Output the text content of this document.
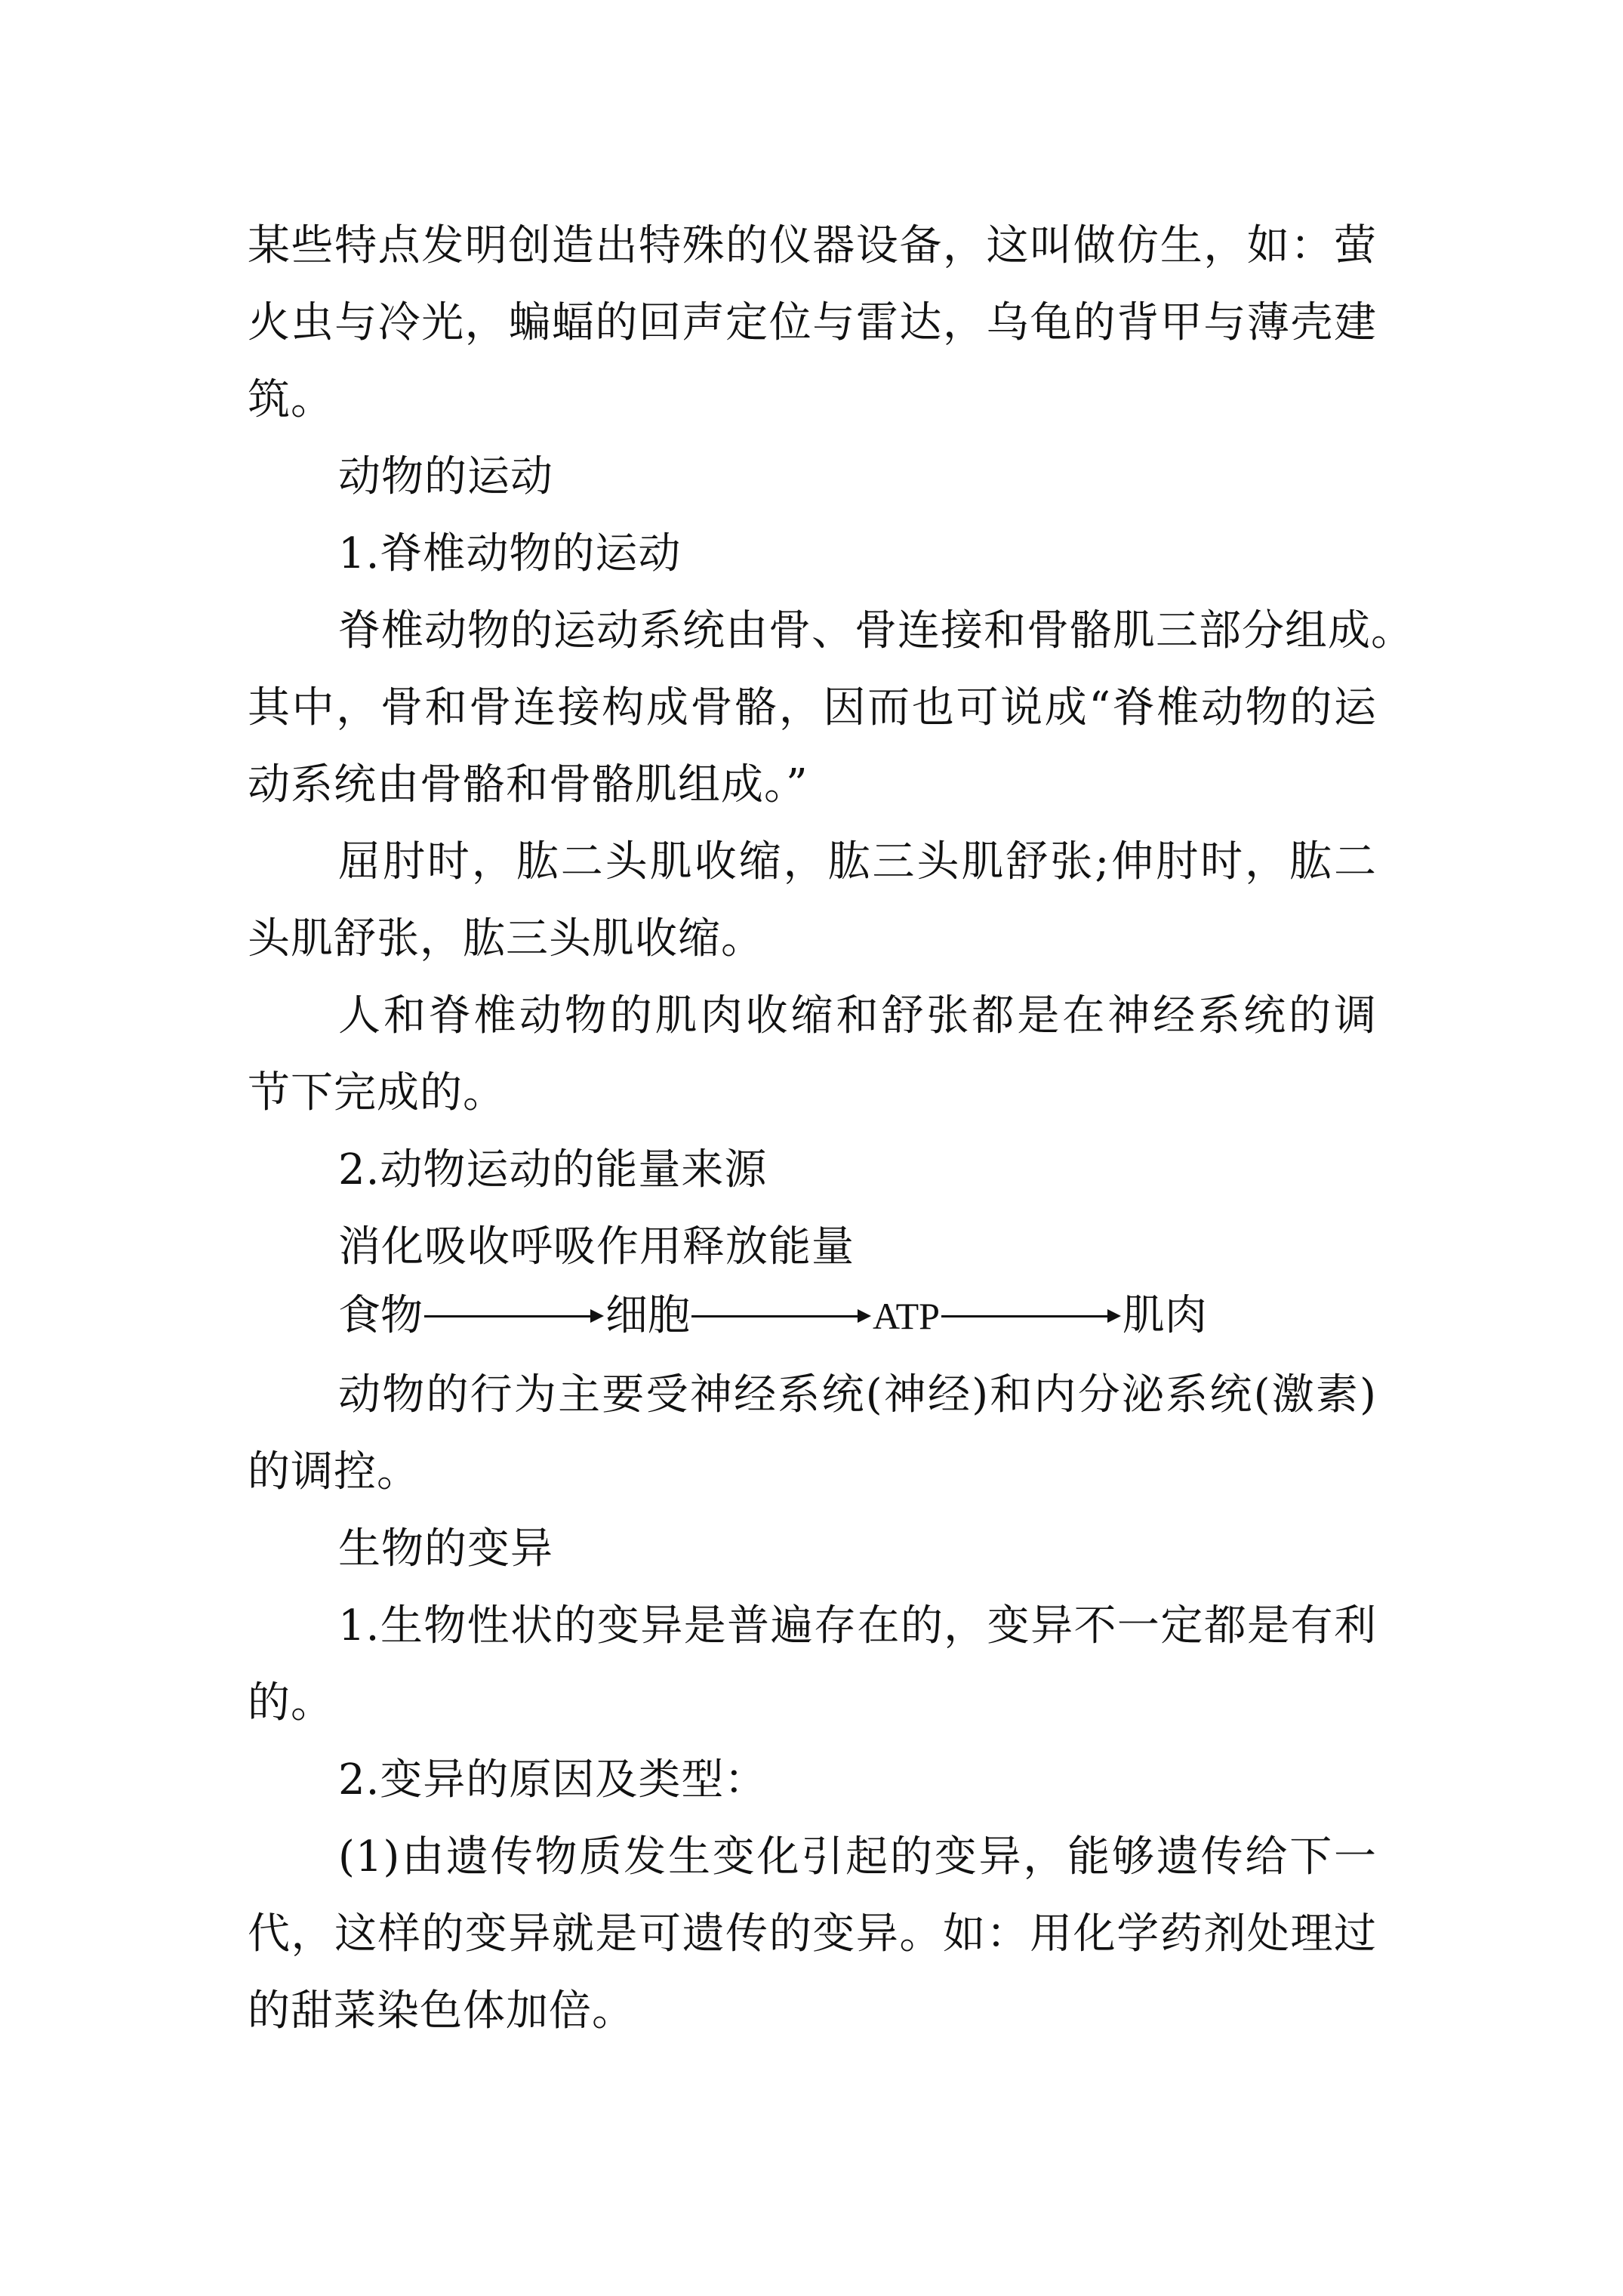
某些特点发明创造出特殊的仪器设备，这叫做仿生，如：萤
火虫与冷光，蝙蝠的回声定位与雷达，乌龟的背甲与薄壳建
筑。
动物的运动
1.脊椎动物的运动
脊椎动物的运动系统由骨、骨连接和骨骼肌三部分组成。
其中，骨和骨连接构成骨骼，因而也可说成“脊椎动物的运
动系统由骨骼和骨骼肌组成。”
屈肘时，肱二头肌收缩，肱三头肌舒张;伸肘时，肱二
头肌舒张，肱三头肌收缩。
人和脊椎动物的肌肉收缩和舒张都是在神经系统的调
节下完成的。
2.动物运动的能量来源
消化吸收呼吸作用释放能量
食物	细胞	ATP	肌肉
动物的行为主要受神经系统(神经)和内分泌系统(激素)
的调控。
生物的变异
1.生物性状的变异是普遍存在的，变异不一定都是有利
的。
2.变异的原因及类型：
(1)由遗传物质发生变化引起的变异，能够遗传给下一
代，这样的变异就是可遗传的变异。如：用化学药剂处理过
的甜菜染色体加倍。
